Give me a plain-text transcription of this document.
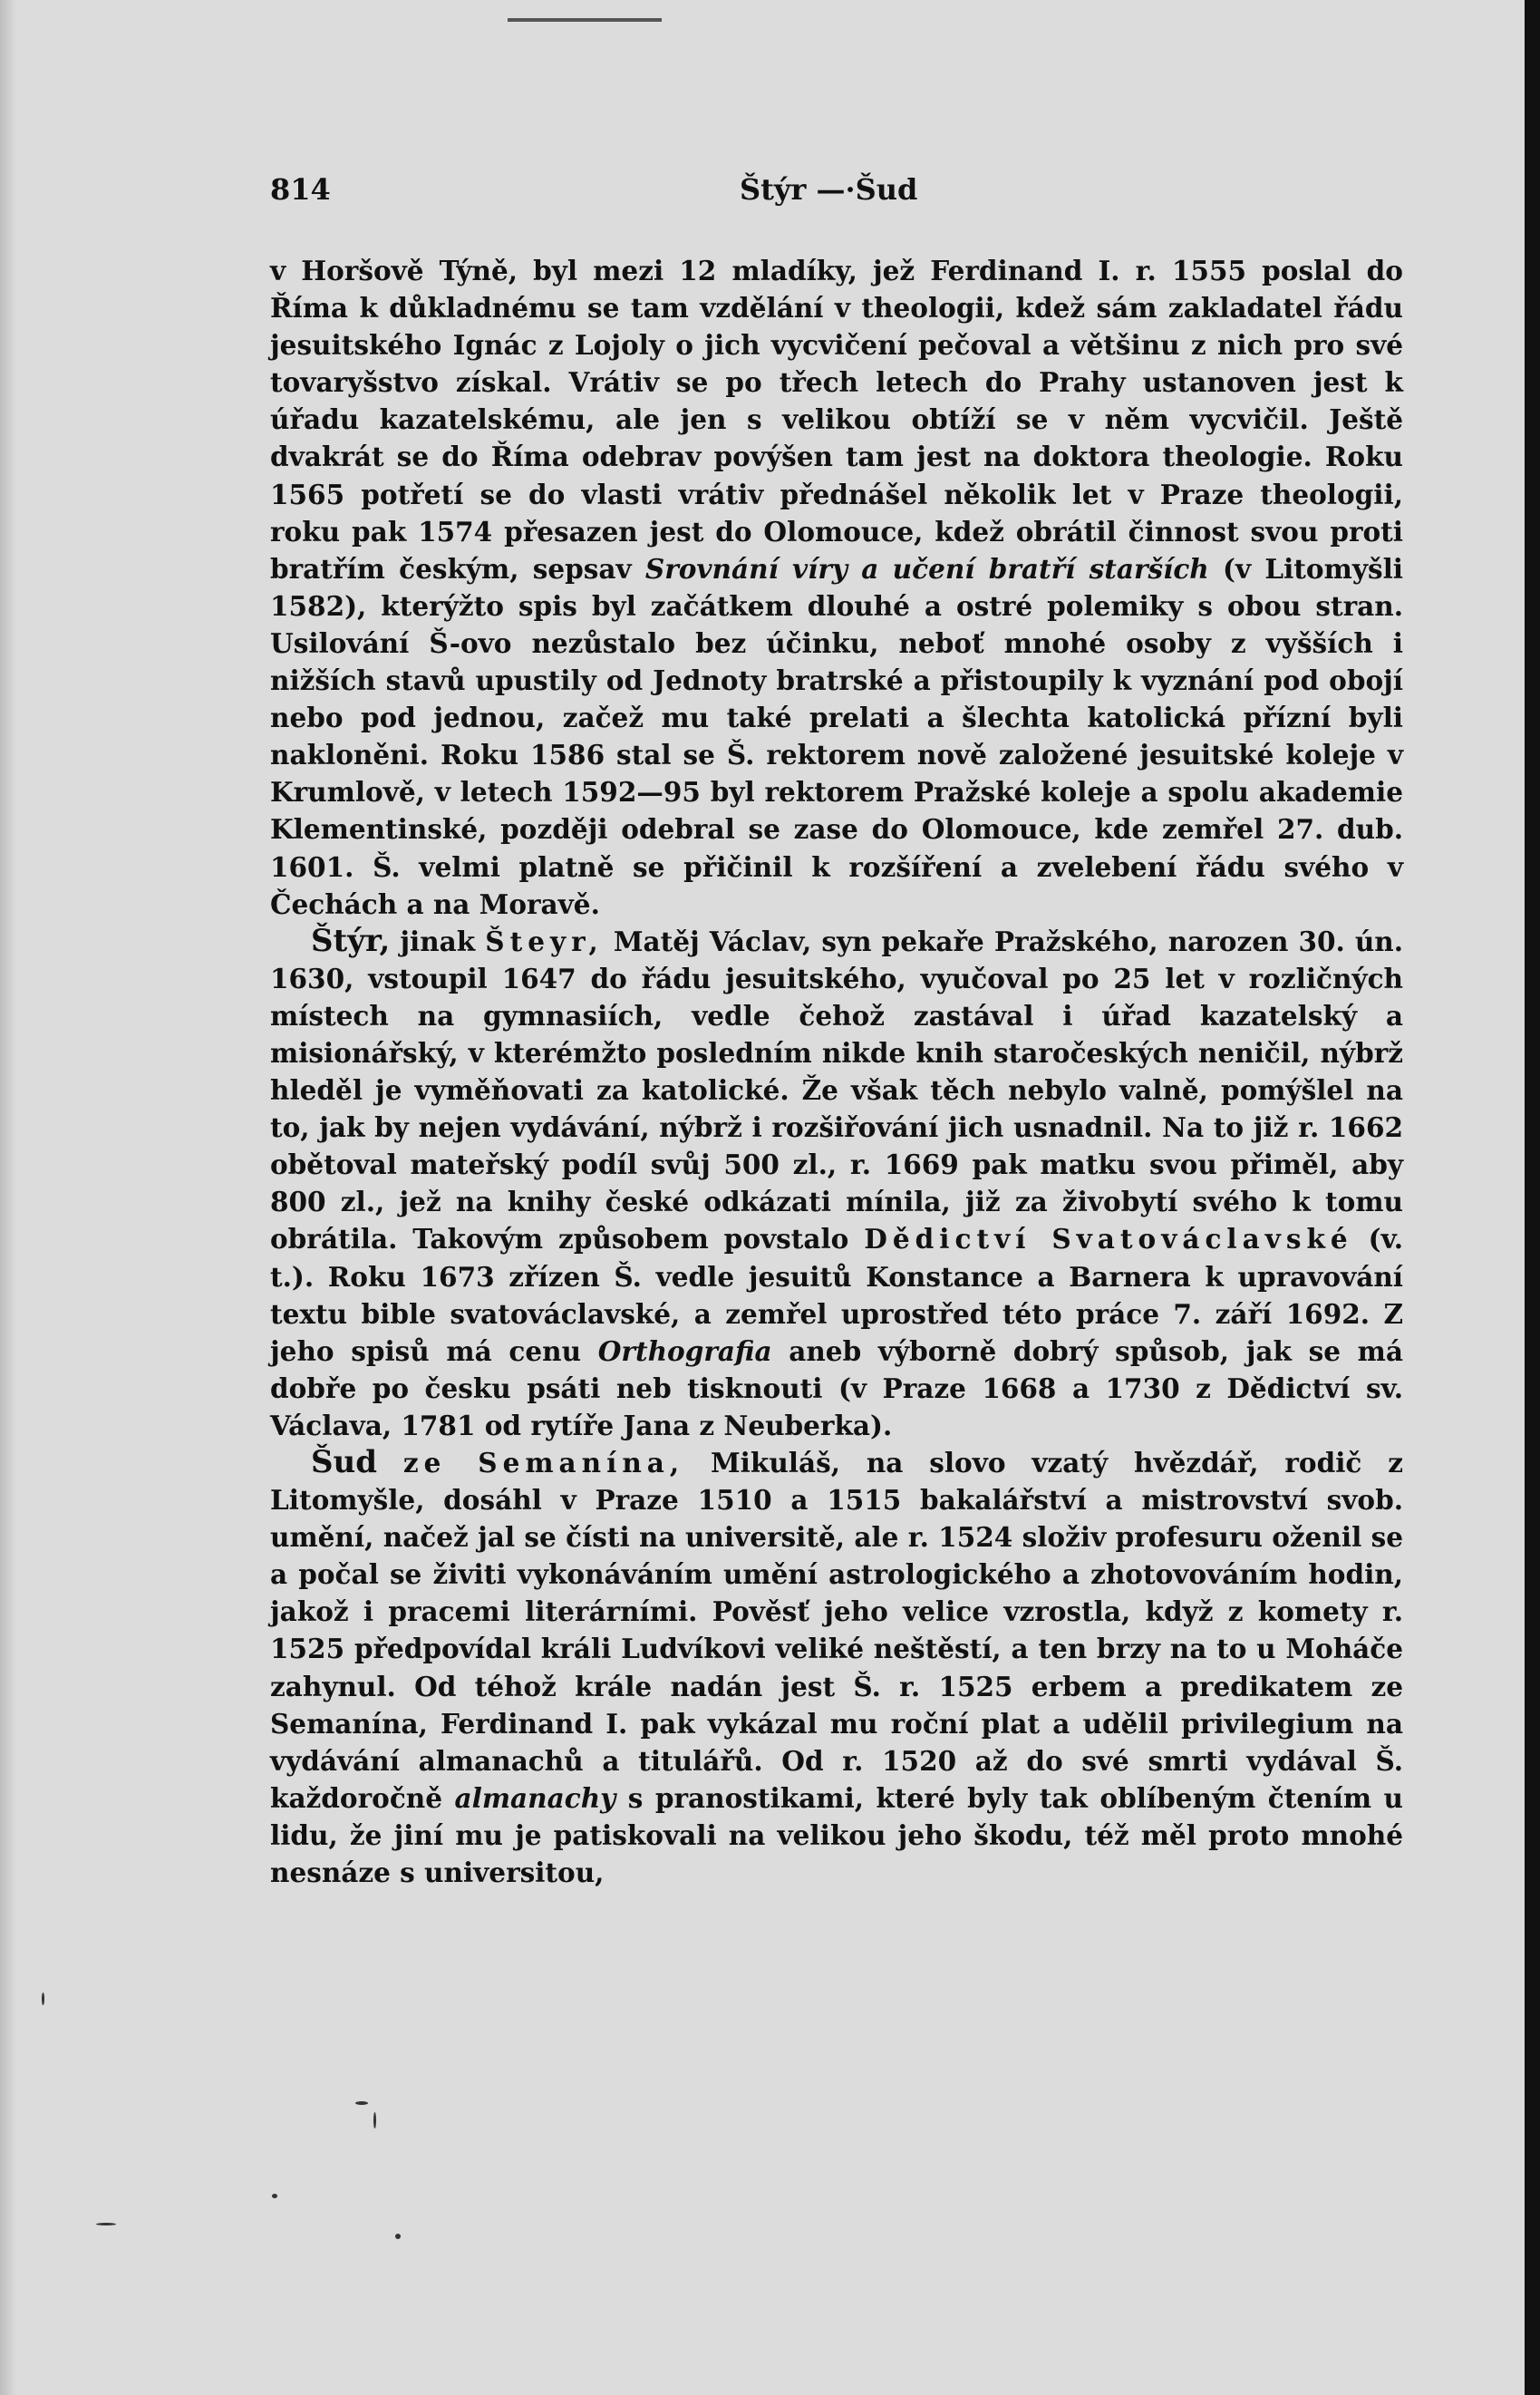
814	Štýr —·Šud

v Horšově Týně, byl mezi 12 mladíky, jež Ferdinand I. r. 1555 poslal do Říma k důkladnému se tam vzdělání v theologii, kdež sám zakladatel řádu jesuitského Ignác z Lojoly o jich vycvičení pečoval a většinu z nich pro své tovaryšstvo získal. Vrátiv se po třech letech do Prahy ustanoven jest k úřadu kazatelskému, ale jen s velikou obtíží se v něm vycvičil. Ještě dvakrát se do Říma odebrav povýšen tam jest na doktora theologie. Roku 1565 potřetí se do vlasti vrátiv přednášel několik let v Praze theologii, roku pak 1574 přesazen jest do Olomouce, kdež obrátil činnost svou proti bratřím českým, sepsav Srovnání víry a učení bratří starších (v Litomyšli 1582), kterýžto spis byl začátkem dlouhé a ostré polemiky s obou stran. Usilování Š-ovo nezůstalo bez účinku, neboť mnohé osoby z vyšších i nižších stavů upustily od Jednoty bratrské a přistoupily k vyznání pod obojí nebo pod jednou, začež mu také prelati a šlechta katolická přízní byli nakloněni. Roku 1586 stal se Š. rektorem nově založené jesuitské koleje v Krumlově, v letech 1592—95 byl rektorem Pražské koleje a spolu akademie Klementinské, později odebral se zase do Olomouce, kde zemřel 27. dub. 1601. Š. velmi platně se přičinil k rozšíření a zvelebení řádu svého v Čechách a na Moravě.

Štýr, jinak Šteyr, Matěj Václav, syn pekaře Pražského, narozen 30. ún. 1630, vstoupil 1647 do řádu jesuitského, vyučoval po 25 let v rozličných místech na gymnasiích, vedle čehož zastával i úřad kazatelský a misionářský, v kterémžto posledním nikde knih staročeských neničil, nýbrž hleděl je vyměňovati za katolické. Že však těch nebylo valně, pomýšlel na to, jak by nejen vydávání, nýbrž i rozšiřování jich usnadnil. Na to již r. 1662 obětoval mateřský podíl svůj 500 zl., r. 1669 pak matku svou přiměl, aby 800 zl., jež na knihy české odkázati mínila, již za živobytí svého k tomu obrátila. Takovým způsobem povstalo Dědictví Svatováclavské (v. t.). Roku 1673 zřízen Š. vedle jesuitů Konstance a Barnera k upravování textu bible svatováclavské, a zemřel uprostřed této práce 7. září 1692. Z jeho spisů má cenu Orthografia aneb výborně dobrý spůsob, jak se má dobře po česku psáti neb tisknouti (v Praze 1668 a 1730 z Dědictví sv. Václava, 1781 od rytíře Jana z Neuberka).

Šud ze Semanína, Mikuláš, na slovo vzatý hvězdář, rodič z Litomyšle, dosáhl v Praze 1510 a 1515 bakalářství a mistrovství svob. umění, načež jal se čísti na universitě, ale r. 1524 složiv profesuru oženil se a počal se živiti vykonáváním umění astrologického a zhotovováním hodin, jakož i pracemi literárními. Pověsť jeho velice vzrostla, když z komety r. 1525 předpovídal králi Ludvíkovi veliké neštěstí, a ten brzy na to u Moháče zahynul. Od téhož krále nadán jest Š. r. 1525 erbem a predikatem ze Semanína, Ferdinand I. pak vykázal mu roční plat a udělil privilegium na vydávání almanachů a titulářů. Od r. 1520 až do své smrti vydával Š. každoročně almanachy s pranostikami, které byly tak oblíbeným čtením u lidu, že jiní mu je patiskovali na velikou jeho škodu, též měl proto mnohé nesnáze s universitou,
